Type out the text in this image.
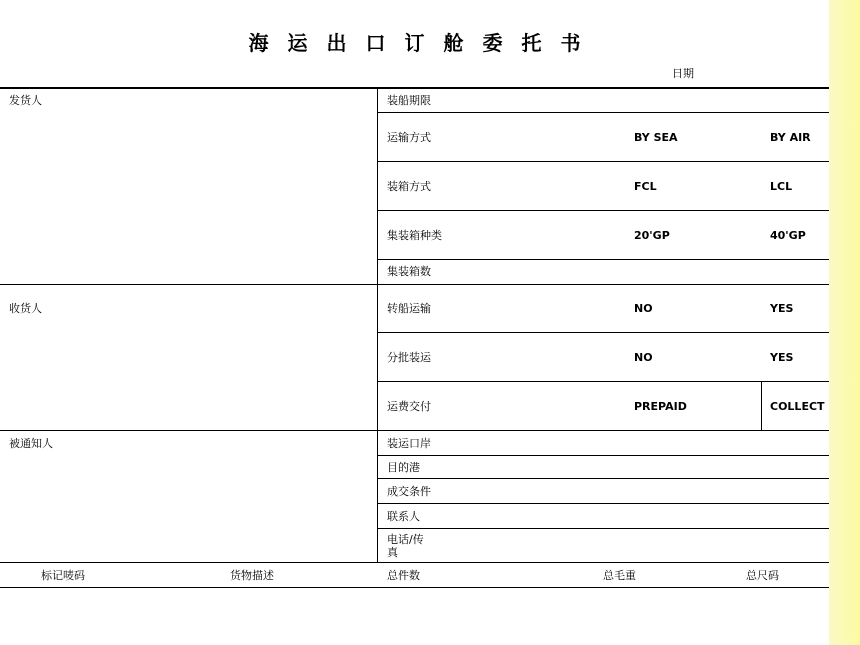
海运出口订舱委托书
日期
发货人
收货人
被通知人
装船期限
运输方式	BY SEA	BY AIR
装箱方式	FCL	LCL
集装箱种类	20'GP	40'GP
集装箱数
转船运输	NO	YES
分批装运	NO	YES
运费交付	PREPAID	COLLECT
装运口岸
目的港
成交条件
联系人
电话/传
真
标记唛码	货物描述	总件数	总毛重	总尺码
